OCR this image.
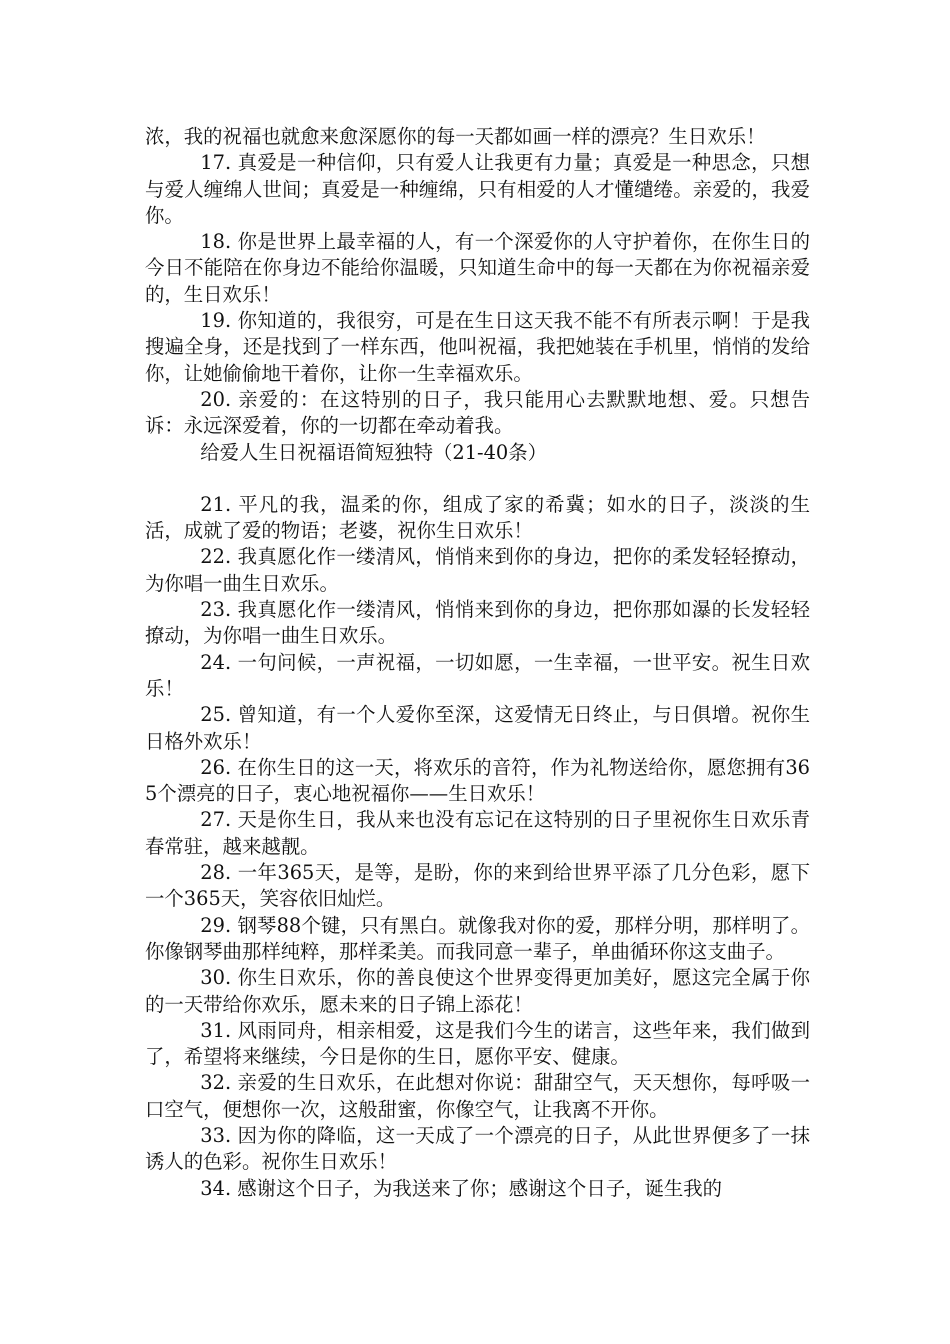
浓，我的祝福也就愈来愈深愿你的每一天都如画一样的漂亮？生日欢乐！

17. 真爱是一种信仰，只有爱人让我更有力量；真爱是一种思念，只想与爱人缠绵人世间；真爱是一种缠绵，只有相爱的人才懂缱绻。亲爱的，我爱你。

18. 你是世界上最幸福的人，有一个深爱你的人守护着你，在你生日的今日不能陪在你身边不能给你温暖，只知道生命中的每一天都在为你祝福亲爱的，生日欢乐！

19. 你知道的，我很穷，可是在生日这天我不能不有所表示啊！于是我搜遍全身，还是找到了一样东西，他叫祝福，我把她装在手机里，悄悄的发给你，让她偷偷地干着你，让你一生幸福欢乐。

20. 亲爱的：在这特别的日子，我只能用心去默默地想、爱。只想告诉：永远深爱着，你的一切都在牵动着我。

给爱人生日祝福语简短独特（21-40条）

21. 平凡的我，温柔的你，组成了家的希冀；如水的日子，淡淡的生活，成就了爱的物语；老婆，祝你生日欢乐！

22. 我真愿化作一缕清风，悄悄来到你的身边，把你的柔发轻轻撩动，为你唱一曲生日欢乐。

23. 我真愿化作一缕清风，悄悄来到你的身边，把你那如瀑的长发轻轻撩动，为你唱一曲生日欢乐。

24. 一句问候，一声祝福，一切如愿，一生幸福，一世平安。祝生日欢乐！

25. 曾知道，有一个人爱你至深，这爱情无日终止，与日俱增。祝你生日格外欢乐！

26. 在你生日的这一天，将欢乐的音符，作为礼物送给你，愿您拥有365个漂亮的日子，衷心地祝福你——生日欢乐！

27. 天是你生日，我从来也没有忘记在这特别的日子里祝你生日欢乐青春常驻，越来越靓。

28. 一年365天，是等，是盼，你的来到给世界平添了几分色彩，愿下一个365天，笑容依旧灿烂。

29. 钢琴88个键，只有黑白。就像我对你的爱，那样分明，那样明了。你像钢琴曲那样纯粹，那样柔美。而我同意一辈子，单曲循环你这支曲子。

30. 你生日欢乐，你的善良使这个世界变得更加美好，愿这完全属于你的一天带给你欢乐，愿未来的日子锦上添花！

31. 风雨同舟，相亲相爱，这是我们今生的诺言，这些年来，我们做到了，希望将来继续，今日是你的生日，愿你平安、健康。

32. 亲爱的生日欢乐，在此想对你说：甜甜空气，天天想你，每呼吸一口空气，便想你一次，这般甜蜜，你像空气，让我离不开你。

33. 因为你的降临，这一天成了一个漂亮的日子，从此世界便多了一抹诱人的色彩。祝你生日欢乐！

34. 感谢这个日子，为我送来了你；感谢这个日子，诞生我的
